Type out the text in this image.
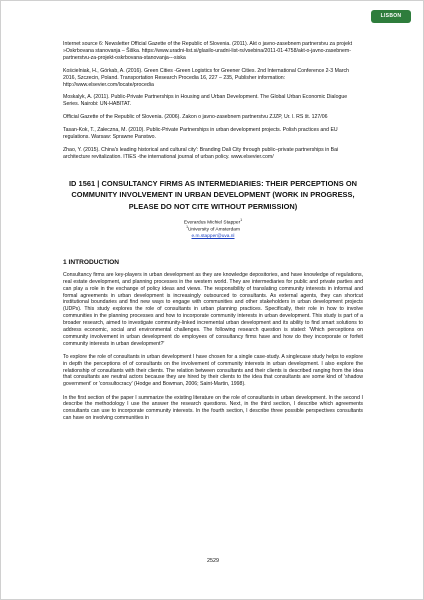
LISBON

Internet source 6: Newsletter Official Gazette of the Republic of Slovenia. (2011). Akt o javno-zasebnem partnerstvu za projekt »Oskrbovana stanovanja – Šiška. https://www.uradni-list.si/glasilo-uradni-list-rs/vsebina/2011-01-4758/akt-o-javno-zasebnem-partnerstvu-za-projekt-oskrbovana-stanovanja---siska

Kościelniak, H., Górkab, A. (2016). Green Cities -Green Logistics for Greener Cities. 2nd International Conference 2-3 March 2016, Szczecin, Poland. Transportation Research Procedia 16, 227 – 235, Publisher information: http://www.elsevier.com/locate/procedia

Moskalyk, A. (2011). Public-Private Partnerships in Housing and Urban Development. The Global Urban Economic Dialogue Series. Nairobi: UN-HABITAT.

Official Gazette of the Republic of Slovenia. (2006). Zakon o javno-zasebnem partnerstvu ZJZP, Ur. l. RS št. 127/06

Tasan-Kok, T., Załeczna, M. (2010). Public-Private Partnerships in urban development projects. Polish practices and EU regulations. Warsaw: Sprawne Panstwo.

Zhao, Y. (2015). China's leading historical and cultural city': Branding Dali City through public–private partnerships in Bai architecture revitalization. ITIES -the international journal of urban policy. www.elsevier.com/

ID 1561 | CONSULTANCY FIRMS AS INTERMEDIARIES: THEIR PERCEPTIONS ON COMMUNITY INVOLVEMENT IN URBAN DEVELOPMENT (WORK IN PROGRESS, PLEASE DO NOT CITE WITHOUT PERMISSION)
Everardus Michiel Stapper$^1$
$^1$University of Amsterdam
e.m.stapper@uva.nl
1 INTRODUCTION

Consultancy firms are key-players in urban development as they are knowledge depositories, and have knowledge of regulations, real estate development, and planning processes in the western world. They are intermediaries for public and private parties and can play a role in the exchange of policy ideas and views. The responsibility of translating community interests in informal and formal agreements in urban development is increasingly outsourced to consultants. As external agents, they can shortcut institutional boundaries and find new ways to engage with communities and other stakeholders in urban development projects (UDPs). This study explores the role of consultants in urban planning practices. Specifically, their role in how to involve communities in the planning processes and how to incorporate community interests in urban development. This study is part of a broader research, aimed to investigate community-linked incremental urban development and its ability to find smart solutions to address economic, social and environmental challenges. The following research question is stated: 'Which perceptions on community involvement in urban development do employees of consultancy firms have and how do they incorporate or forfeit community interests in urban development?'

To explore the role of consultants in urban development I have chosen for a single case-study. A singlecase study helps to explore in depth the perceptions of of consultants on the involvement of community interests in urban development. I also explore the relationship of consultants with their clients. The relation between consultants and their clients is described ranging from the idea that consultants are neutral actors because they are hired by their clients to the idea that consultants are some kind of 'shadow government' or 'consultocracy' (Hodge and Bowman, 2006; Saint-Martin, 1998).

In the first section of the paper I summarize the existing literature on the role of consultants in urban development. In the second I describe the methodology I use the answer the research questions. Next, in the third section, I describe which agreements consultants can use to incorporate community interests. In the fourth section, I describe three possible perspectives consultants can have on involving communities in

2529
